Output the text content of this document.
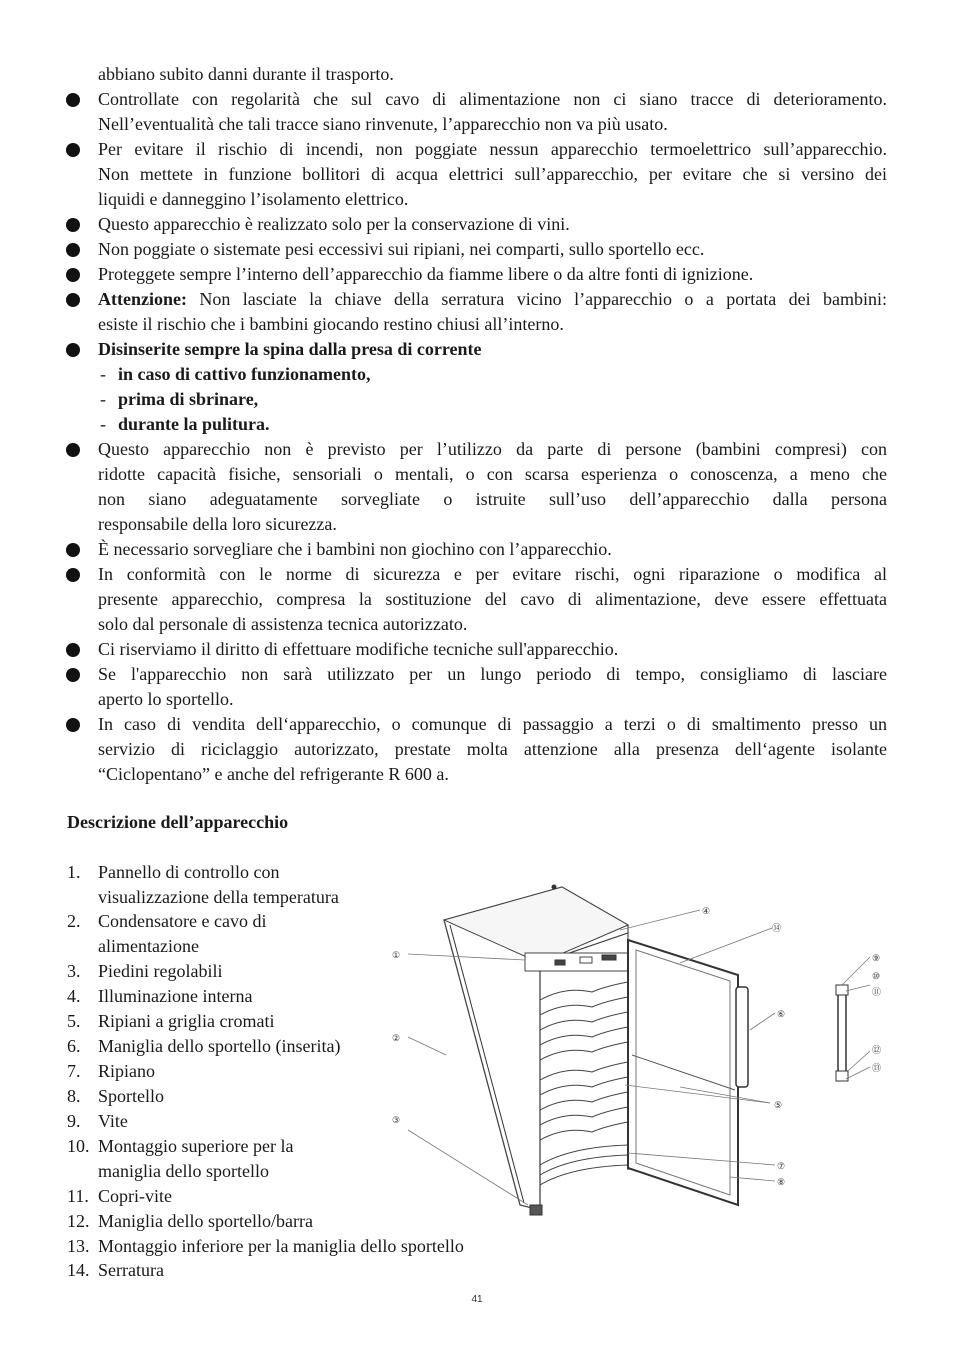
abbiano subito danni durante il trasporto.
Controllate con regolarità che sul cavo di alimentazione non ci siano tracce di deterioramento.
Nell’eventualità che tali tracce siano rinvenute, l’apparecchio non va più usato.
Per evitare il rischio di incendi, non poggiate nessun apparecchio termoelettrico sull’apparecchio.
Non mettete in funzione bollitori di acqua elettrici sull’apparecchio, per evitare che si versino dei
liquidi e danneggino l’isolamento elettrico.
Questo apparecchio è realizzato solo per la conservazione di vini.
Non poggiate o sistemate pesi eccessivi sui ripiani, nei comparti, sullo sportello ecc.
Proteggete sempre l’interno dell’apparecchio da fiamme libere o da altre fonti di ignizione.
Attenzione: Non lasciate la chiave della serratura vicino l’apparecchio o a portata dei bambini:
esiste il rischio che i bambini giocando restino chiusi all’interno.
Disinserite sempre la spina dalla presa di corrente
- in caso di cattivo funzionamento,
- prima di sbrinare,
- durante la pulitura.
Questo apparecchio non è previsto per l’utilizzo da parte di persone (bambini compresi) con
ridotte capacità fisiche, sensoriali o mentali, o con scarsa esperienza o conoscenza, a meno che
non siano adeguatamente sorvegliate o istruite sull’uso dell’apparecchio dalla persona
responsabile della loro sicurezza.
È necessario sorvegliare che i bambini non giochino con l’apparecchio.
In conformità con le norme di sicurezza e per evitare rischi, ogni riparazione o modifica al
presente apparecchio, compresa la sostituzione del cavo di alimentazione, deve essere effettuata
solo dal personale di assistenza tecnica autorizzato.
Ci riserviamo il diritto di effettuare modifiche tecniche sull'apparecchio.
Se l'apparecchio non sarà utilizzato per un lungo periodo di tempo, consigliamo di lasciare
aperto lo sportello.
In caso di vendita dell‘apparecchio, o comunque di passaggio a terzi o di smaltimento presso un
servizio di riciclaggio autorizzato, prestate molta attenzione alla presenza dell‘agente isolante
“Ciclopentano” e anche del refrigerante R 600 a.
Descrizione dell’apparecchio
1. Pannello di controllo con
visualizzazione della temperatura
2. Condensatore e cavo di
alimentazione
3. Piedini regolabili
4. Illuminazione interna
5. Ripiani a griglia cromati
6. Maniglia dello sportello (inserita)
7. Ripiano
8. Sportello
9. Vite
10. Montaggio superiore per la
maniglia dello sportello
11. Copri-vite
12. Maniglia dello sportello/barra
13. Montaggio inferiore per la maniglia dello sportello
14. Serratura
①
②
③
④
⑤
⑥
⑦
⑧
⑨
⑩
⑪
⑫
⑬
⑭
41
